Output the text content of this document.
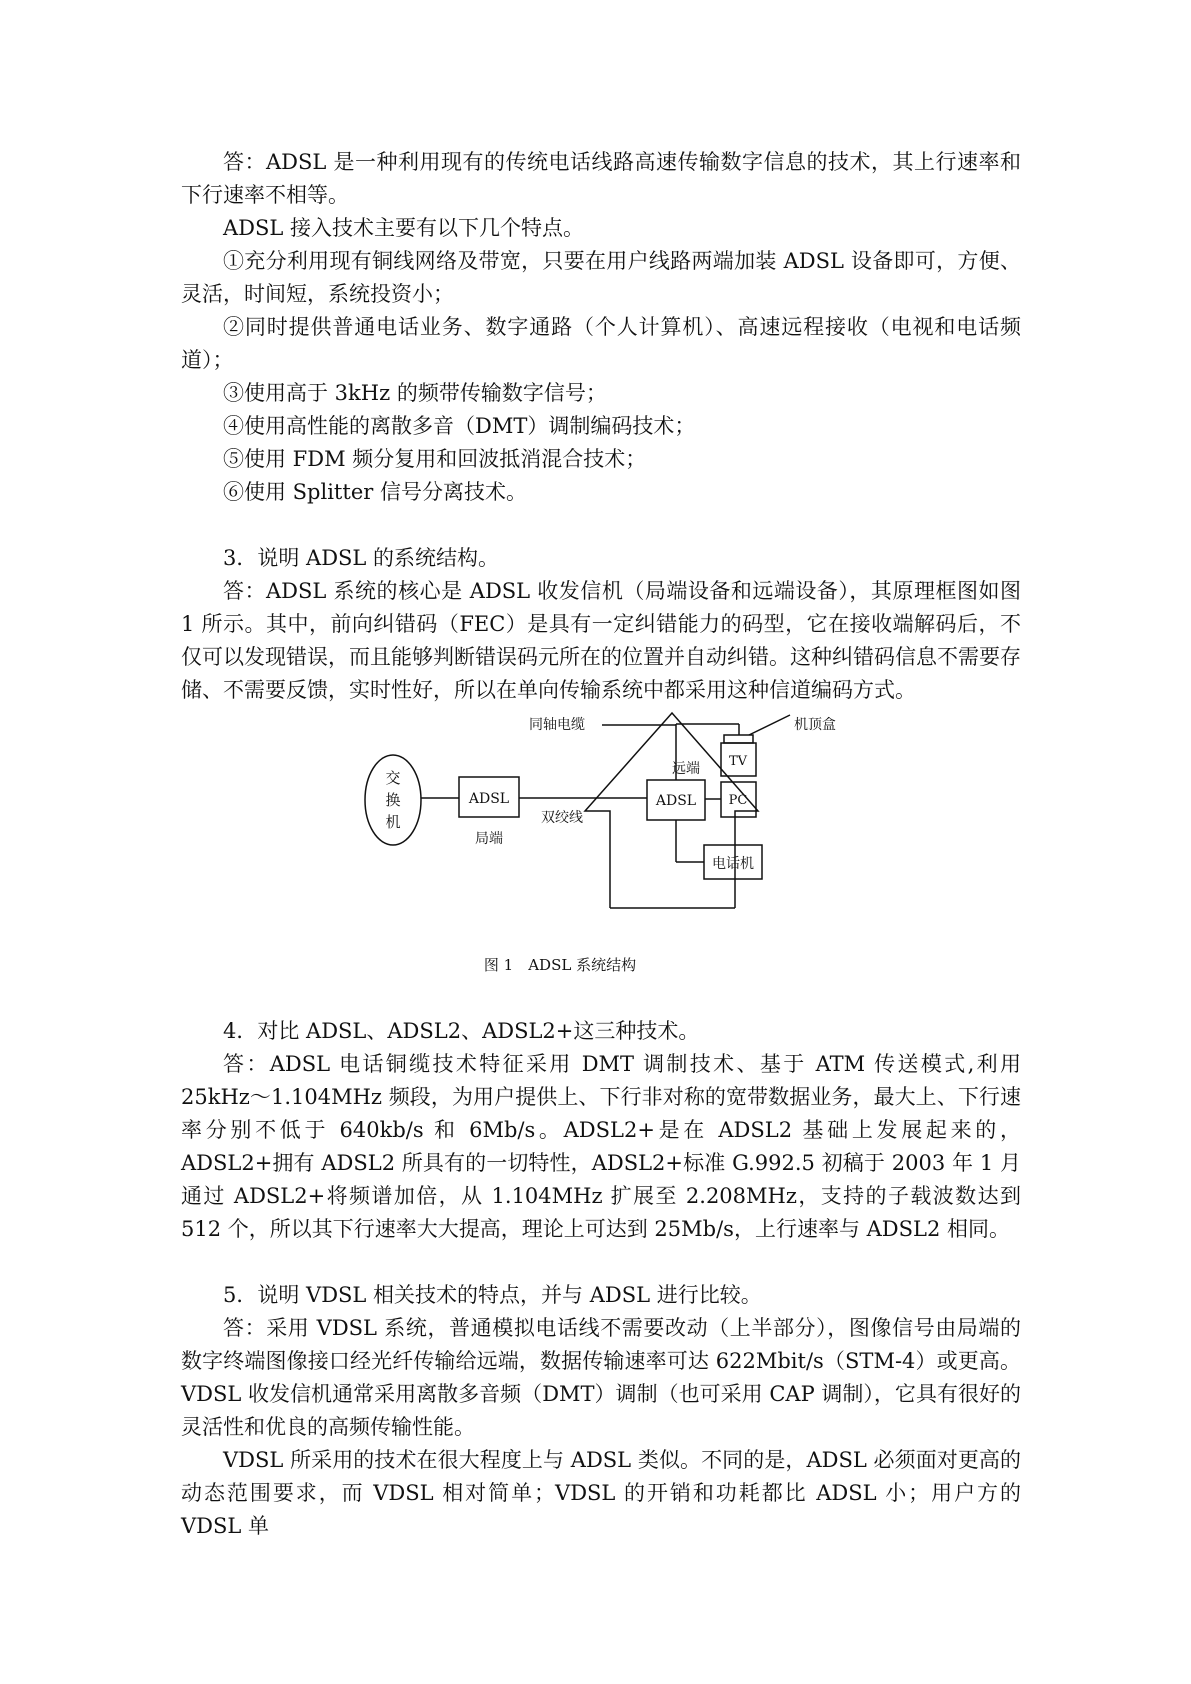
答：ADSL 是一种利用现有的传统电话线路高速传输数字信息的技术，其上行速率和下行速率不相等。

ADSL 接入技术主要有以下几个特点。

①充分利用现有铜线网络及带宽，只要在用户线路两端加装 ADSL 设备即可，方便、灵活，时间短，系统投资小；

②同时提供普通电话业务、数字通路（个人计算机）、高速远程接收（电视和电话频道）；

③使用高于 3kHz 的频带传输数字信号；

④使用高性能的离散多音（DMT）调制编码技术；

⑤使用 FDM 频分复用和回波抵消混合技术；

⑥使用 Splitter 信号分离技术。

3．说明 ADSL 的系统结构。

答：ADSL 系统的核心是 ADSL 收发信机（局端设备和远端设备），其原理框图如图 1 所示。其中，前向纠错码（FEC）是具有一定纠错能力的码型，它在接收端解码后，不仅可以发现错误，而且能够判断错误码元所在的位置并自动纠错。这种纠错码信息不需要存储、不需要反馈，实时性好，所以在单向传输系统中都采用这种信道编码方式。

交
换
机
ADSL
局端
双绞线
ADSL
远端
同轴电缆	机顶盒
TV
PC
电话机
图 1　ADSL 系统结构

4．对比 ADSL、ADSL2、ADSL2+这三种技术。

答：ADSL 电话铜缆技术特征采用 DMT 调制技术、基于 ATM 传送模式,利用 25kHz～1.104MHz 频段，为用户提供上、下行非对称的宽带数据业务，最大上、下行速率分别不低于 640kb/s 和 6Mb/s。ADSL2+是在 ADSL2 基础上发展起来的，ADSL2+拥有 ADSL2 所具有的一切特性，ADSL2+标准 G.992.5 初稿于 2003 年 1 月通过 ADSL2+将频谱加倍，从 1.104MHz 扩展至 2.208MHz，支持的子载波数达到 512 个，所以其下行速率大大提高，理论上可达到 25Mb/s，上行速率与 ADSL2 相同。

5．说明 VDSL 相关技术的特点，并与 ADSL 进行比较。

答：采用 VDSL 系统，普通模拟电话线不需要改动（上半部分），图像信号由局端的数字终端图像接口经光纤传输给远端，数据传输速率可达 622Mbit/s（STM-4）或更高。VDSL 收发信机通常采用离散多音频（DMT）调制（也可采用 CAP 调制），它具有很好的灵活性和优良的高频传输性能。

VDSL 所采用的技术在很大程度上与 ADSL 类似。不同的是，ADSL 必须面对更高的动态范围要求，而 VDSL 相对简单；VDSL 的开销和功耗都比 ADSL 小；用户方的 VDSL 单
